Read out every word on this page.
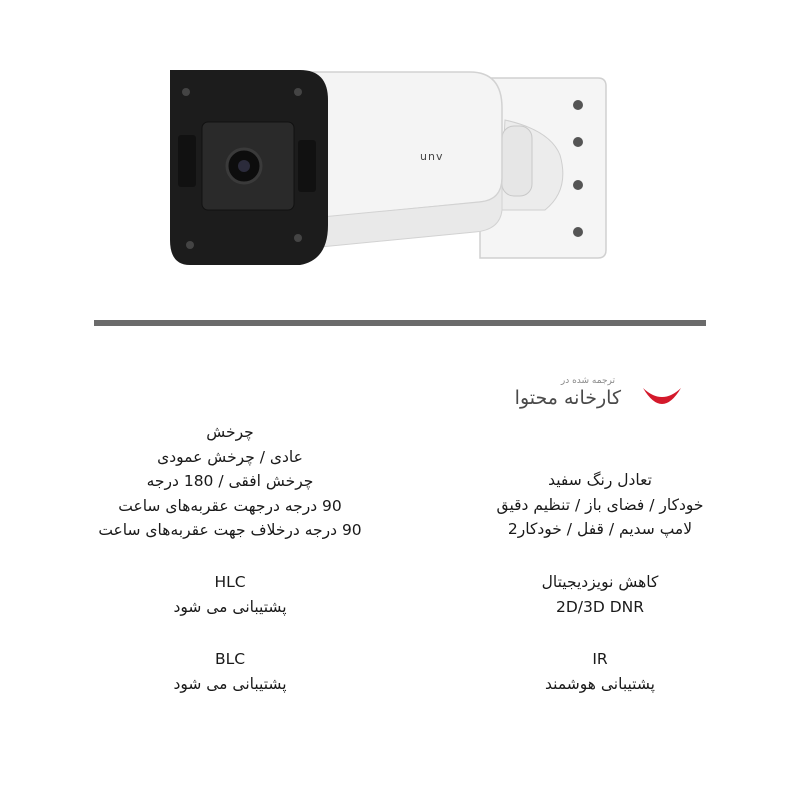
unv
ترجمه شده در
کارخانه محتوا
چرخش
عادی / چرخش عمودی
چرخش افقی / 180 درجه
90 درجه درجهت عقربه‌های ساعت
90 درجه درخلاف جهت عقربه‌های ساعت
HLC
پشتیبانی می شود
BLC
پشتیبانی می شود
تعادل رنگ سفید
خودکار / فضای باز / تنظیم دقیق
لامپ سدیم / قفل / خودکار2
کاهش نویزدیجیتال
2D/3D DNR
IR
پشتیبانی هوشمند
